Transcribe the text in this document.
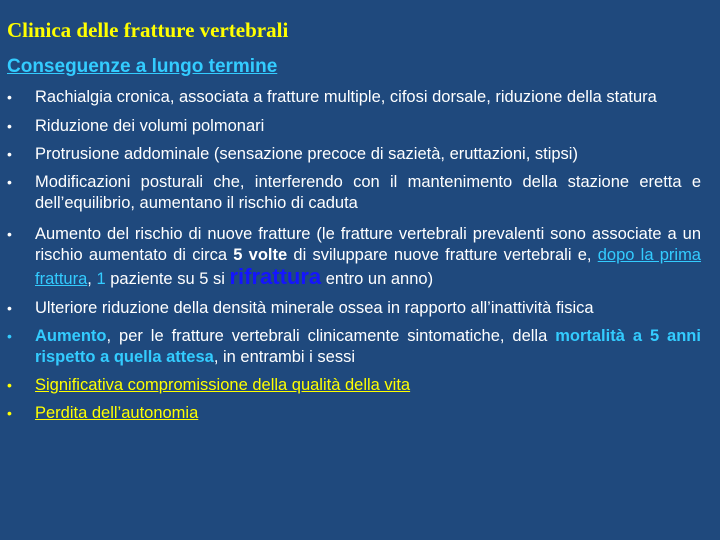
Clinica delle fratture vertebrali
Conseguenze a lungo termine
• Rachialgia cronica, associata a fratture multiple, cifosi dorsale, riduzione della statura
• Riduzione dei volumi polmonari
• Protrusione addominale (sensazione precoce di sazietà, eruttazioni, stipsi)
• Modificazioni posturali che, interferendo con il mantenimento della stazione eretta e dell’equilibrio, aumentano il rischio di caduta
• Aumento del rischio di nuove fratture (le fratture vertebrali prevalenti sono associate a un rischio aumentato di circa 5 volte di sviluppare nuove fratture vertebrali e, dopo la prima frattura, 1 paziente su 5 si rifrattura entro un anno)
• Ulteriore riduzione della densità minerale ossea in rapporto all’inattività fisica
• Aumento, per le fratture vertebrali clinicamente sintomatiche, della mortalità a 5 anni rispetto a quella attesa, in entrambi i sessi
• Significativa compromissione della qualità della vita
• Perdita dell’autonomia
